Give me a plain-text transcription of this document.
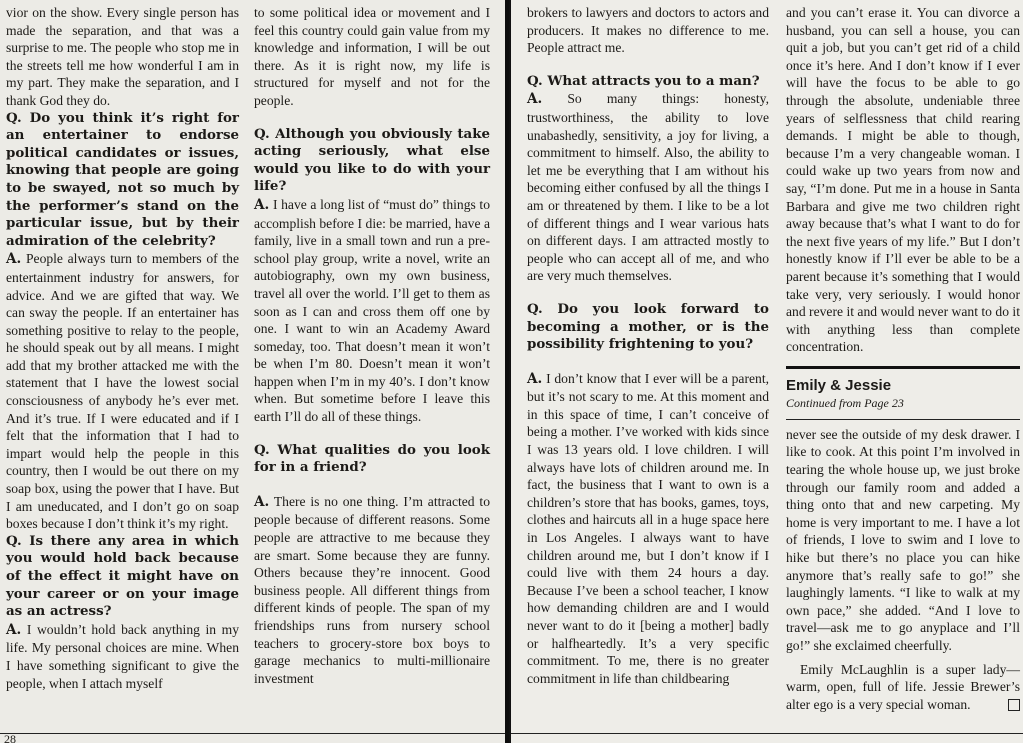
vior on the show. Every single person has made the separation, and that was a surprise to me. The people who stop me in the streets tell me how wonderful I am in my part. They make the separation, and I thank God they do.

Q. Do you think it’s right for an entertainer to endorse political candidates or issues, knowing that people are going to be swayed, not so much by the performer’s stand on the particular issue, but by their admiration of the celebrity?

A. People always turn to members of the entertainment industry for answers, for advice. And we are gifted that way. We can sway the people. If an entertainer has something positive to relay to the people, he should speak out by all means. I might add that my brother attacked me with the statement that I have the lowest social consciousness of anybody he’s ever met. And it’s true. If I were educated and if I felt that the information that I had to impart would help the people in this country, then I would be out there on my soap box, using the power that I have. But I am uneducated, and I don’t go on soap boxes because I don’t think it’s my right.

Q. Is there any area in which you would hold back because of the effect it might have on your career or on your image as an actress?

A. I wouldn’t hold back anything in my life. My personal choices are mine. When I have something significant to give the people, when I attach myself

to some political idea or movement and I feel this country could gain value from my knowledge and information, I will be out there. As it is right now, my life is structured for myself and not for the people.

Q. Although you obviously take acting seriously, what else would you like to do with your life?

A. I have a long list of “must do” things to accomplish before I die: be married, have a family, live in a small town and run a pre-school play group, write a novel, write an autobiography, own my own business, travel all over the world. I’ll get to them as soon as I can and cross them off one by one. I want to win an Academy Award someday, too. That doesn’t mean it won’t be when I’m 80. Doesn’t mean it won’t happen when I’m in my 40’s. I don’t know when. But sometime before I leave this earth I’ll do all of these things.

Q. What qualities do you look for in a friend?

A. There is no one thing. I’m attracted to people because of different reasons. Some people are attractive to me because they are smart. Some because they are funny. Others because they’re innocent. Good business people. All different things from different kinds of people. The span of my friendships runs from nursery school teachers to grocery-store box boys to garage mechanics to multi-millionaire investment

28

brokers to lawyers and doctors to actors and producers. It makes no difference to me. People attract me.

Q. What attracts you to a man?

A. So many things: honesty, trustworthiness, the ability to love unabashedly, sensitivity, a joy for living, a commitment to himself. Also, the ability to let me be everything that I am without his becoming either confused by all the things I am or threatened by them. I like to be a lot of different things and I wear various hats on different days. I am attracted mostly to people who can accept all of me, and who are very much themselves.

Q. Do you look forward to becoming a mother, or is the possibility frightening to you?

A. I don’t know that I ever will be a parent, but it’s not scary to me. At this moment and in this space of time, I can’t conceive of being a mother. I’ve worked with kids since I was 13 years old. I love children. I will always have lots of children around me. In fact, the business that I want to own is a children’s store that has books, games, toys, clothes and haircuts all in a huge space here in Los Angeles. I always want to have children around me, but I don’t know if I could live with them 24 hours a day. Because I’ve been a school teacher, I know how demanding children are and I would never want to do it [being a mother] badly or halfheartedly. It’s a very specific commitment. To me, there is no greater commitment in life than childbearing

and you can’t erase it. You can divorce a husband, you can sell a house, you can quit a job, but you can’t get rid of a child once it’s here. And I don’t know if I ever will have the focus to be able to go through the absolute, undeniable three years of selflessness that child rearing demands. I might be able to though, because I’m a very changeable woman. I could wake up two years from now and say, “I’m done. Put me in a house in Santa Barbara and give me two children right away because that’s what I want to do for the next five years of my life.” But I don’t honestly know if I’ll ever be able to be a parent because it’s something that I would take very, very seriously. I would honor and revere it and would never want to do it with anything less than complete concentration.

Emily & Jessie

Continued from Page 23

never see the outside of my desk drawer. I like to cook. At this point I’m involved in tearing the whole house up, we just broke through our family room and added a thing onto that and new carpeting. My home is very important to me. I have a lot of friends, I love to swim and I love to hike but there’s no place you can hike anymore that’s really safe to go!” she laughingly laments. “I like to walk at my own pace,” she added. “And I love to travel—ask me to go anyplace and I’ll go!” she exclaimed cheerfully.

Emily McLaughlin is a super lady—warm, open, full of life. Jessie Brewer’s alter ego is a very special woman.
